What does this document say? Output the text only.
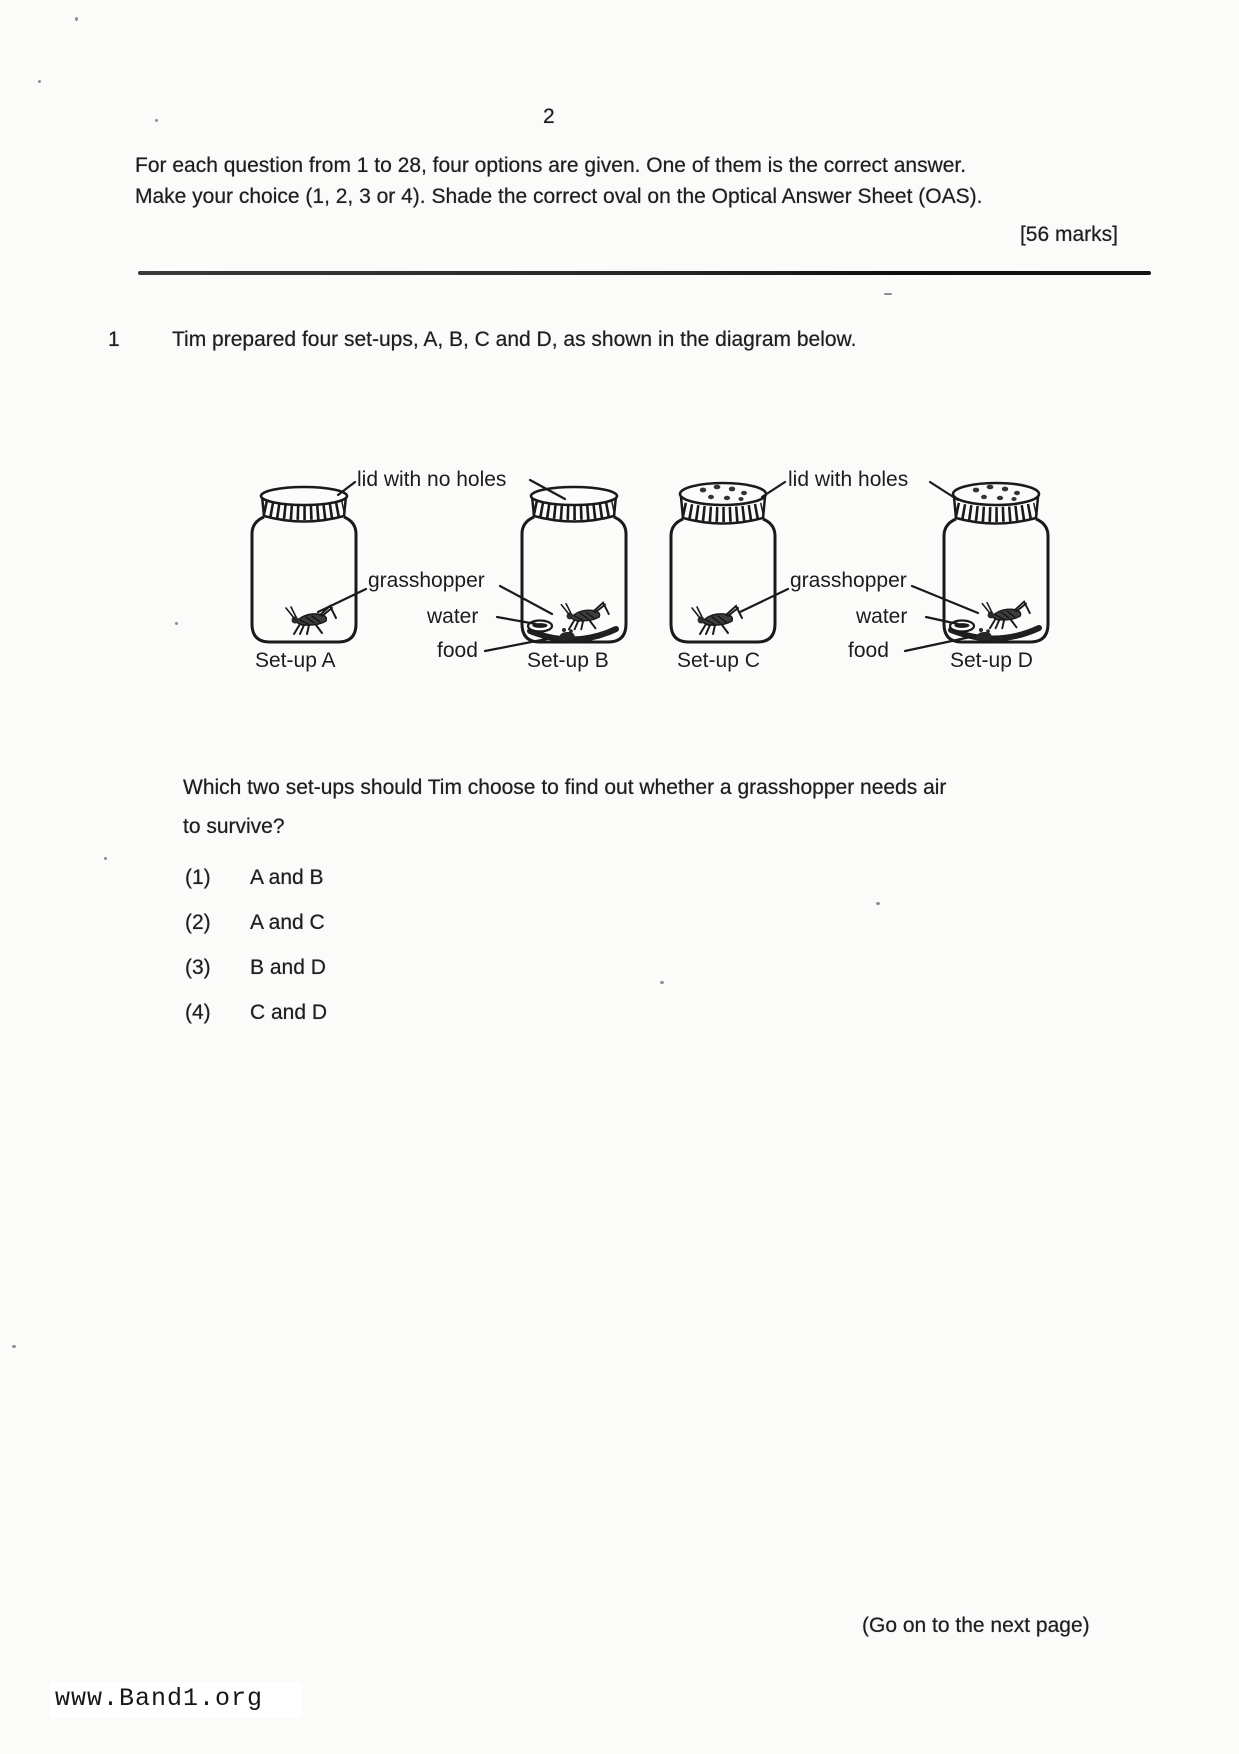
2
For each question from 1 to 28, four options are given. One of them is the correct answer.
Make your choice (1, 2, 3 or 4). Shade the correct oval on the Optical Answer Sheet (OAS).
[56 marks]
1 Tim prepared four set-ups, A, B, C and D, as shown in the diagram below.
lid with no holes	lid with holes
grasshopper
water
food
grasshopper
water
food
Set-up A	Set-up B	Set-up C	Set-up D
Which two set-ups should Tim choose to find out whether a grasshopper needs air
to survive?
(1) A and B
(2) A and C
(3) B and D
(4) C and D
(Go on to the next page)
www.Band1.org
